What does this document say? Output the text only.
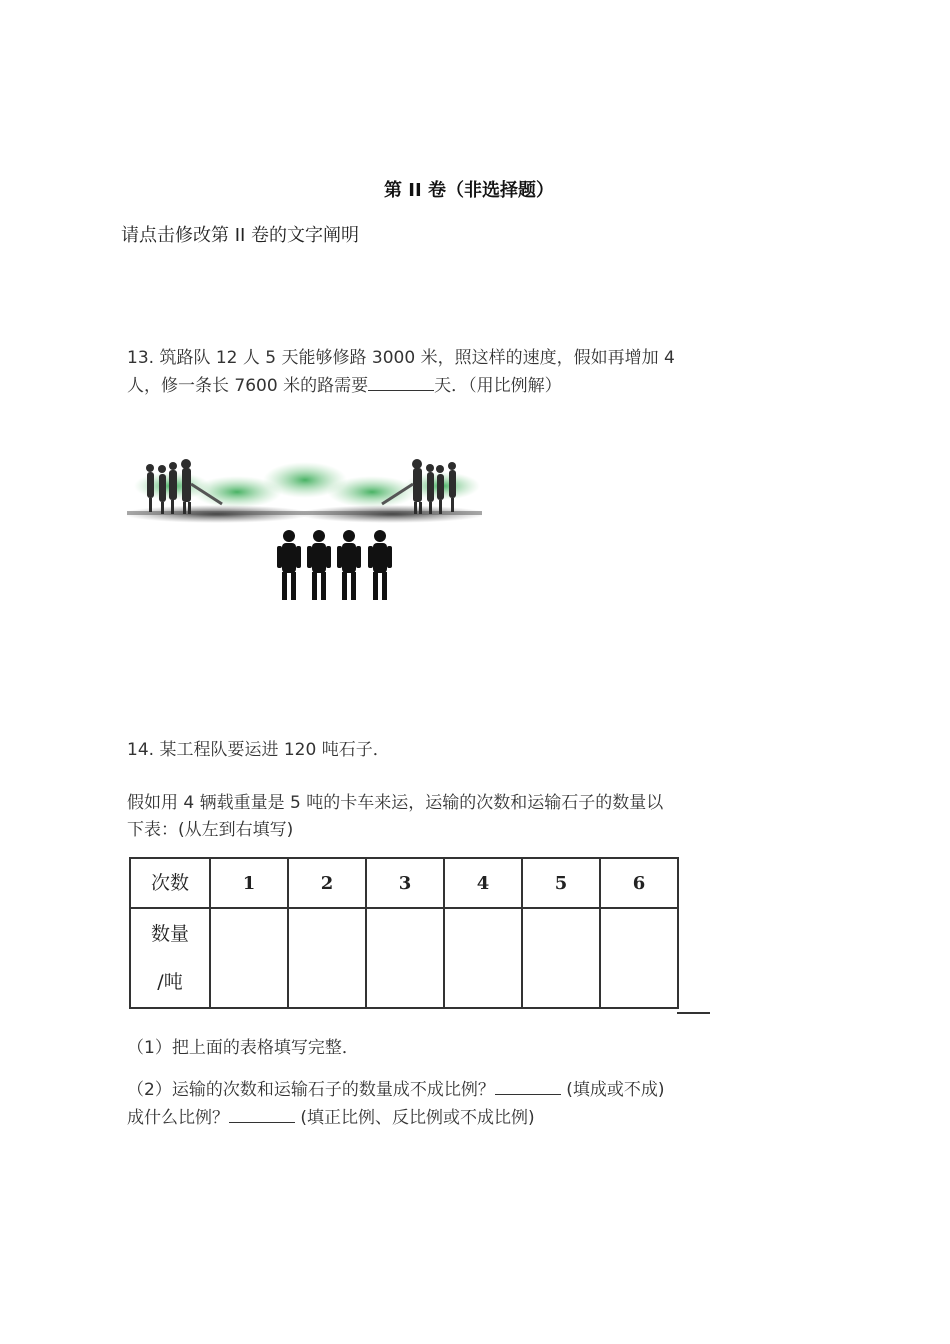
第 II 卷（非选择题）
请点击修改第 II 卷的文字阐明
13. 筑路队 12 人 5 天能够修路 3000 米，照这样的速度，假如再增加 4
人，修一条长 7600 米的路需要	天．（用比例解）
14. 某工程队要运进 120 吨石子．
假如用 4 辆载重量是 5 吨的卡车来运，运输的次数和运输石子的数量以
下表：(从左到右填写)
次数	1	2	3	4	5	6

数量
/吨						

（1）把上面的表格填写完整．
（2）运输的次数和运输石子的数量成不成比例？	(填成或不成)
成什么比例？	(填正比例、反比例或不成比例)
